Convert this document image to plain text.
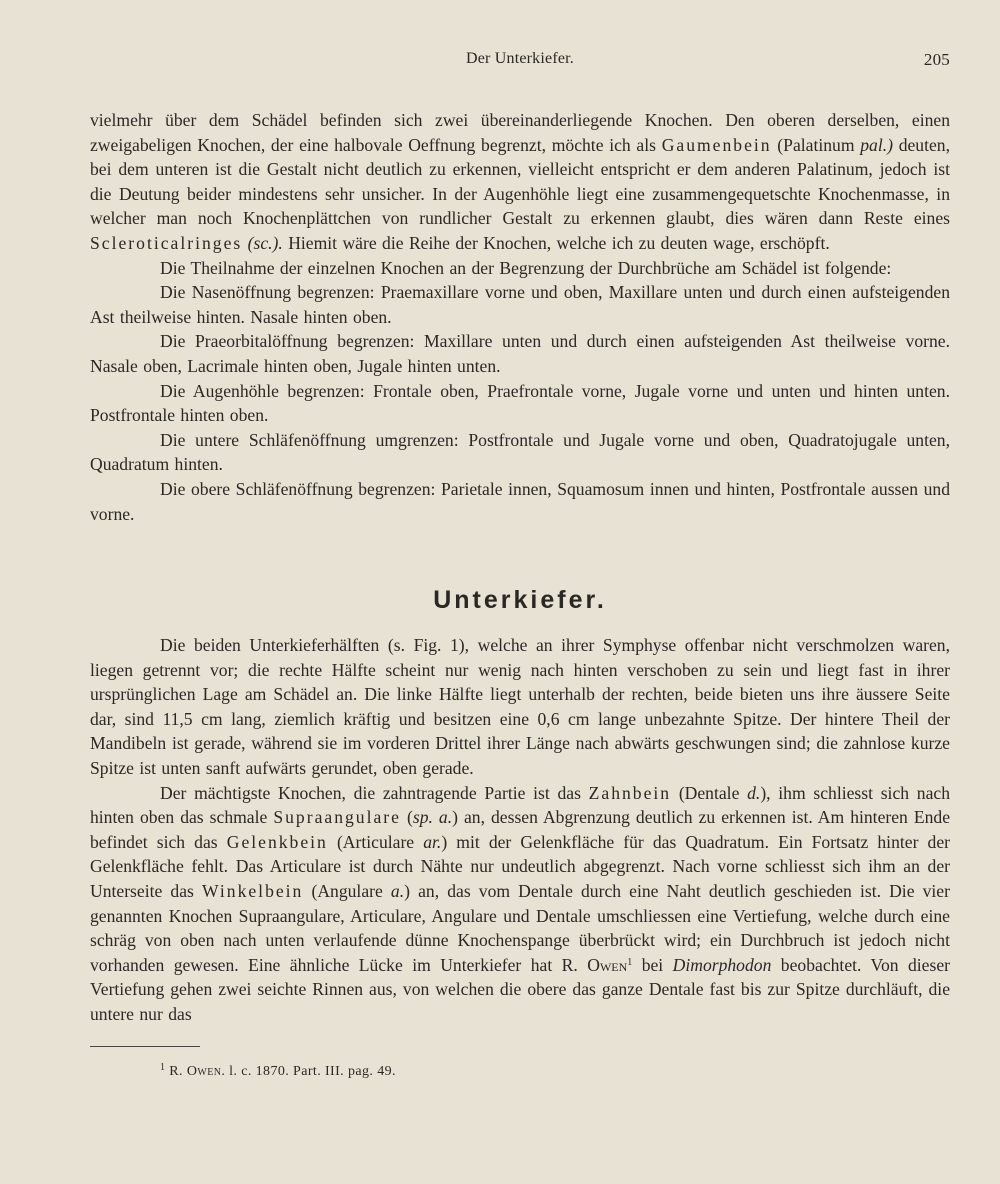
Der Unterkiefer.	205

vielmehr über dem Schädel befinden sich zwei übereinanderliegende Knochen. Den oberen derselben, einen zweigabeligen Knochen, der eine halbovale Oeffnung begrenzt, möchte ich als Gaumenbein (Palatinum pal.) deuten, bei dem unteren ist die Gestalt nicht deutlich zu erkennen, vielleicht entspricht er dem anderen Palatinum, jedoch ist die Deutung beider mindestens sehr unsicher. In der Augenhöhle liegt eine zusammengequetschte Knochenmasse, in welcher man noch Knochenplättchen von rundlicher Gestalt zu erkennen glaubt, dies wären dann Reste eines Scleroticalringes (sc.). Hiemit wäre die Reihe der Knochen, welche ich zu deuten wage, erschöpft.

Die Theilnahme der einzelnen Knochen an der Begrenzung der Durchbrüche am Schädel ist folgende:

Die Nasenöffnung begrenzen: Praemaxillare vorne und oben, Maxillare unten und durch einen aufsteigenden Ast theilweise hinten. Nasale hinten oben.

Die Praeorbitalöffnung begrenzen: Maxillare unten und durch einen aufsteigenden Ast theilweise vorne. Nasale oben, Lacrimale hinten oben, Jugale hinten unten.

Die Augenhöhle begrenzen: Frontale oben, Praefrontale vorne, Jugale vorne und unten und hinten unten. Postfrontale hinten oben.

Die untere Schläfenöffnung umgrenzen: Postfrontale und Jugale vorne und oben, Quadratojugale unten, Quadratum hinten.

Die obere Schläfenöffnung begrenzen: Parietale innen, Squamosum innen und hinten, Postfrontale aussen und vorne.

Unterkiefer.

Die beiden Unterkieferhälften (s. Fig. 1), welche an ihrer Symphyse offenbar nicht verschmolzen waren, liegen getrennt vor; die rechte Hälfte scheint nur wenig nach hinten verschoben zu sein und liegt fast in ihrer ursprünglichen Lage am Schädel an. Die linke Hälfte liegt unterhalb der rechten, beide bieten uns ihre äussere Seite dar, sind 11,5 cm lang, ziemlich kräftig und besitzen eine 0,6 cm lange unbezahnte Spitze. Der hintere Theil der Mandibeln ist gerade, während sie im vorderen Drittel ihrer Länge nach abwärts geschwungen sind; die zahnlose kurze Spitze ist unten sanft aufwärts gerundet, oben gerade.

Der mächtigste Knochen, die zahntragende Partie ist das Zahnbein (Dentale d.), ihm schliesst sich nach hinten oben das schmale Supraangulare (sp. a.) an, dessen Abgrenzung deutlich zu erkennen ist. Am hinteren Ende befindet sich das Gelenkbein (Articulare ar.) mit der Gelenkfläche für das Quadratum. Ein Fortsatz hinter der Gelenkfläche fehlt. Das Articulare ist durch Nähte nur undeutlich abgegrenzt. Nach vorne schliesst sich ihm an der Unterseite das Winkelbein (Angulare a.) an, das vom Dentale durch eine Naht deutlich geschieden ist. Die vier genannten Knochen Supraangulare, Articulare, Angulare und Dentale umschliessen eine Vertiefung, welche durch eine schräg von oben nach unten verlaufende dünne Knochenspange überbrückt wird; ein Durchbruch ist jedoch nicht vorhanden gewesen. Eine ähnliche Lücke im Unterkiefer hat R. Owen$^1$ bei Dimorphodon beobachtet. Von dieser Vertiefung gehen zwei seichte Rinnen aus, von welchen die obere das ganze Dentale fast bis zur Spitze durchläuft, die untere nur das

$^1$ R. Owen. l. c. 1870. Part. III. pag. 49.
